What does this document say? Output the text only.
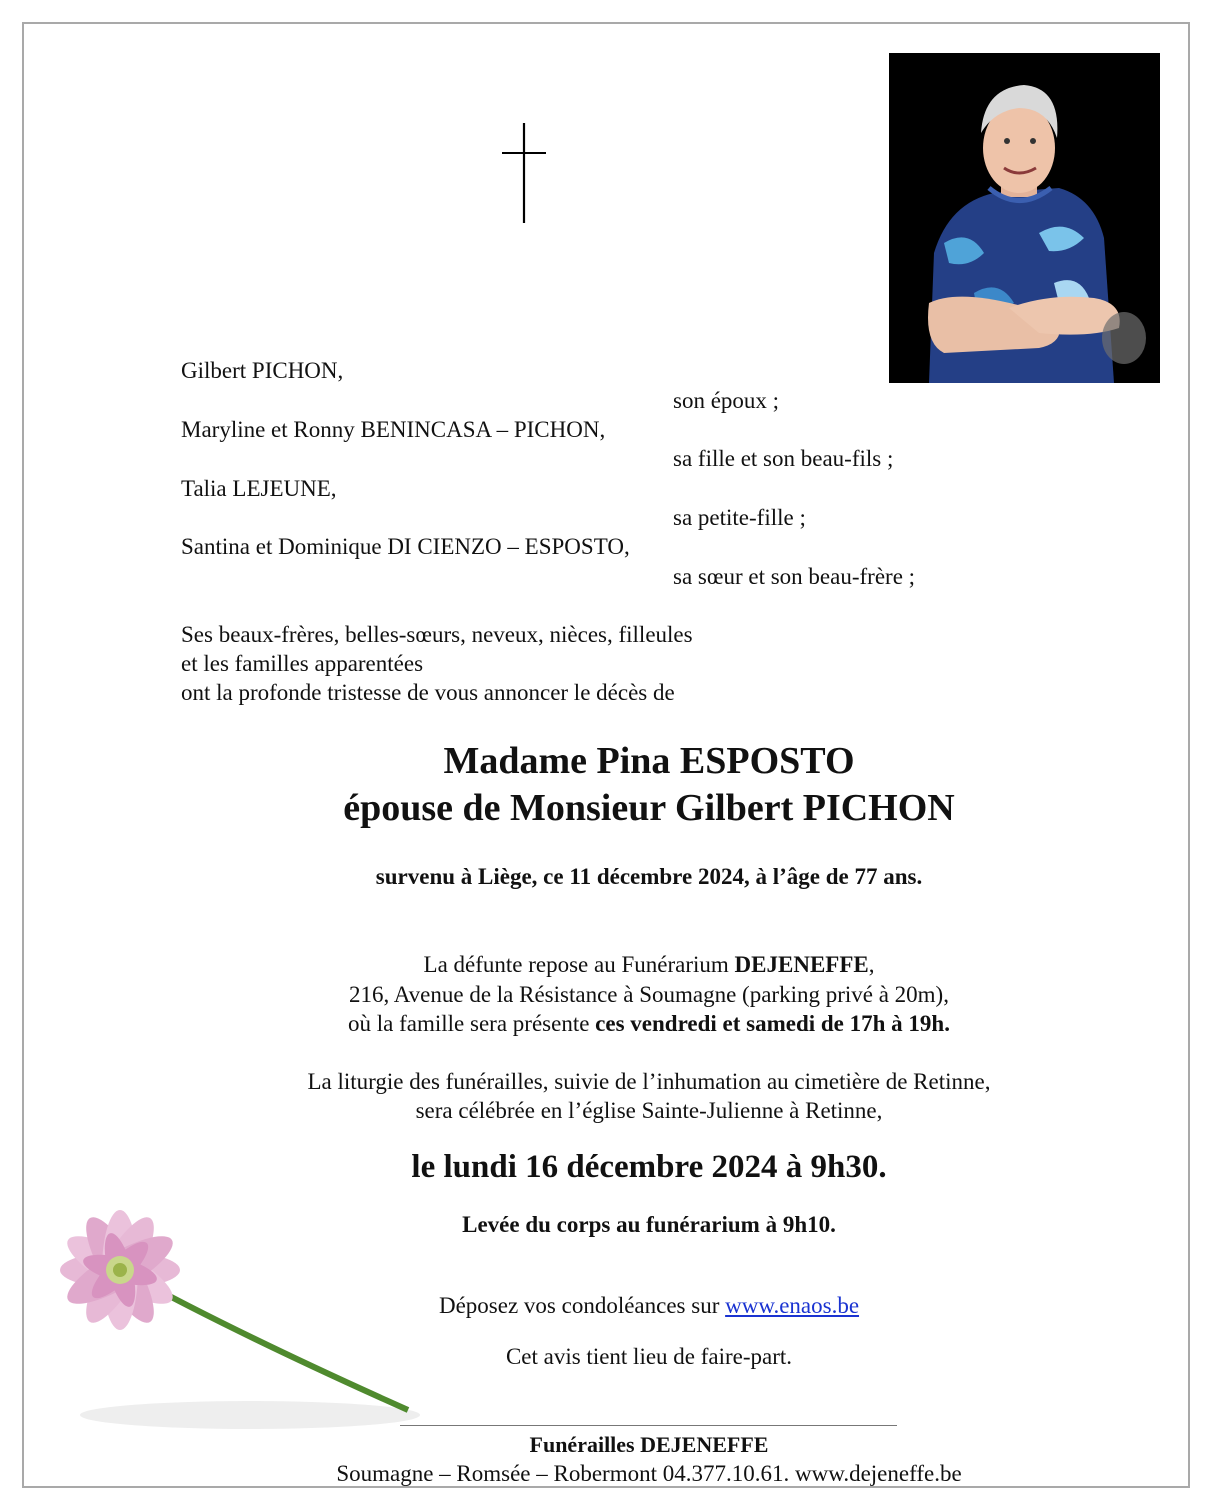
Gilbert PICHON,
son époux ;
Maryline et Ronny BENINCASA – PICHON,
sa fille et son beau-fils ;
Talia LEJEUNE,
sa petite-fille ;
Santina et Dominique DI CIENZO – ESPOSTO,
sa sœur et son beau-frère ;
Ses beaux-frères, belles-sœurs, neveux, nièces, filleules
et les familles apparentées
ont la profonde tristesse de vous annoncer le décès de
Madame Pina ESPOSTO
épouse de Monsieur Gilbert PICHON
survenu à Liège, ce 11 décembre 2024, à l’âge de 77 ans.
La défunte repose au Funérarium DEJENEFFE,
216, Avenue de la Résistance à Soumagne (parking privé à 20m),
où la famille sera présente ces vendredi et samedi de 17h à 19h.
La liturgie des funérailles, suivie de l’inhumation au cimetière de Retinne,
sera célébrée en l’église Sainte-Julienne à Retinne,
le lundi 16 décembre 2024 à 9h30.
Levée du corps au funérarium à 9h10.
Déposez vos condoléances sur www.enaos.be
Cet avis tient lieu de faire-part.
Funérailles DEJENEFFE
Soumagne – Romsée – Robermont 04.377.10.61. www.dejeneffe.be
